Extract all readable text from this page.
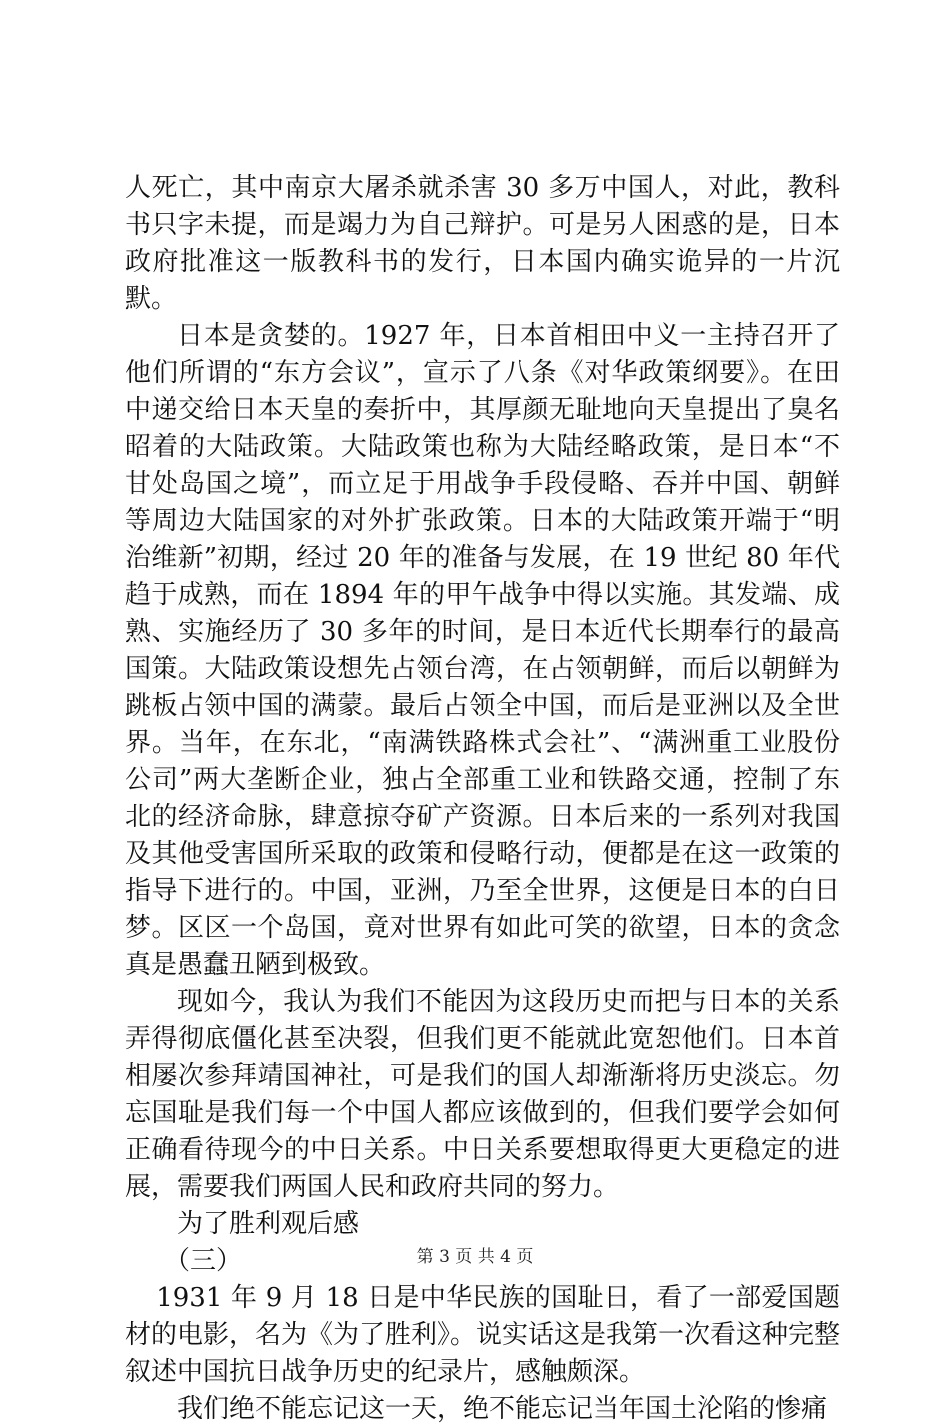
人死亡，其中南京大屠杀就杀害 30 多万中国人，对此，教科书只字未提，而是竭力为自己辩护。可是另人困惑的是，日本政府批准这一版教科书的发行，日本国内确实诡异的一片沉默。

日本是贪婪的。1927 年，日本首相田中义一主持召开了他们所谓的“东方会议”，宣示了八条《对华政策纲要》。在田中递交给日本天皇的奏折中，其厚颜无耻地向天皇提出了臭名昭着的大陆政策。大陆政策也称为大陆经略政策，是日本“不甘处岛国之境”，而立足于用战争手段侵略、吞并中国、朝鲜等周边大陆国家的对外扩张政策。日本的大陆政策开端于“明治维新”初期，经过 20 年的准备与发展，在 19 世纪 80 年代趋于成熟，而在 1894 年的甲午战争中得以实施。其发端、成熟、实施经历了 30 多年的时间，是日本近代长期奉行的最高国策。大陆政策设想先占领台湾，在占领朝鲜，而后以朝鲜为跳板占领中国的满蒙。最后占领全中国，而后是亚洲以及全世界。当年，在东北，“南满铁路株式会社”、“满洲重工业股份公司”两大垄断企业，独占全部重工业和铁路交通，控制了东北的经济命脉，肆意掠夺矿产资源。日本后来的一系列对我国及其他受害国所采取的政策和侵略行动，便都是在这一政策的指导下进行的。中国，亚洲，乃至全世界，这便是日本的白日梦。区区一个岛国，竟对世界有如此可笑的欲望，日本的贪念真是愚蠢丑陋到极致。

现如今，我认为我们不能因为这段历史而把与日本的关系弄得彻底僵化甚至决裂，但我们更不能就此宽恕他们。日本首相屡次参拜靖国神社，可是我们的国人却渐渐将历史淡忘。勿忘国耻是我们每一个中国人都应该做到的，但我们要学会如何正确看待现今的中日关系。中日关系要想取得更大更稳定的进展，需要我们两国人民和政府共同的努力。

为了胜利观后感

（三）

1931 年 9 月 18 日是中华民族的国耻日，看了一部爱国题材的电影，名为《为了胜利》。说实话这是我第一次看这种完整叙述中国抗日战争历史的纪录片，感触颇深。

我们绝不能忘记这一天，绝不能忘记当年国土沦陷的惨痛

第 3 页 共 4 页
